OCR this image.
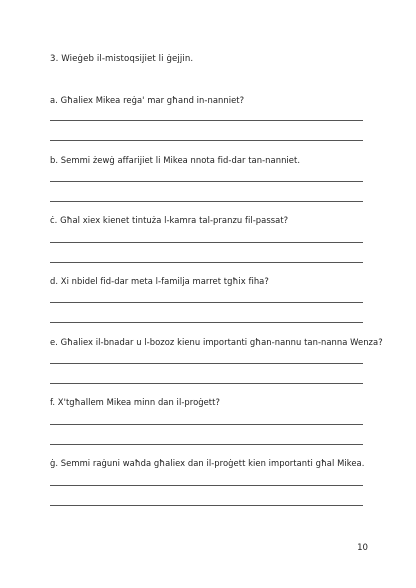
3. Wieġeb il-mistoqsijiet li ġejjin.
a. Għaliex Mikea reġa' mar għand in-nanniet?
b. Semmi żewġ affarijiet li Mikea nnota fid-dar tan-nanniet.
ċ. Għal xiex kienet tintuża l-kamra tal-pranzu fil-passat?
d. Xi nbidel fid-dar meta l-familja marret tgħix fiha?
e. Għaliex il-bnadar u l-bozoz kienu importanti għan-nannu tan-nanna Wenza?
f. X'tgħallem Mikea minn dan il-proġett?
ġ. Semmi raġuni waħda għaliex dan il-proġett kien importanti għal Mikea.
10
